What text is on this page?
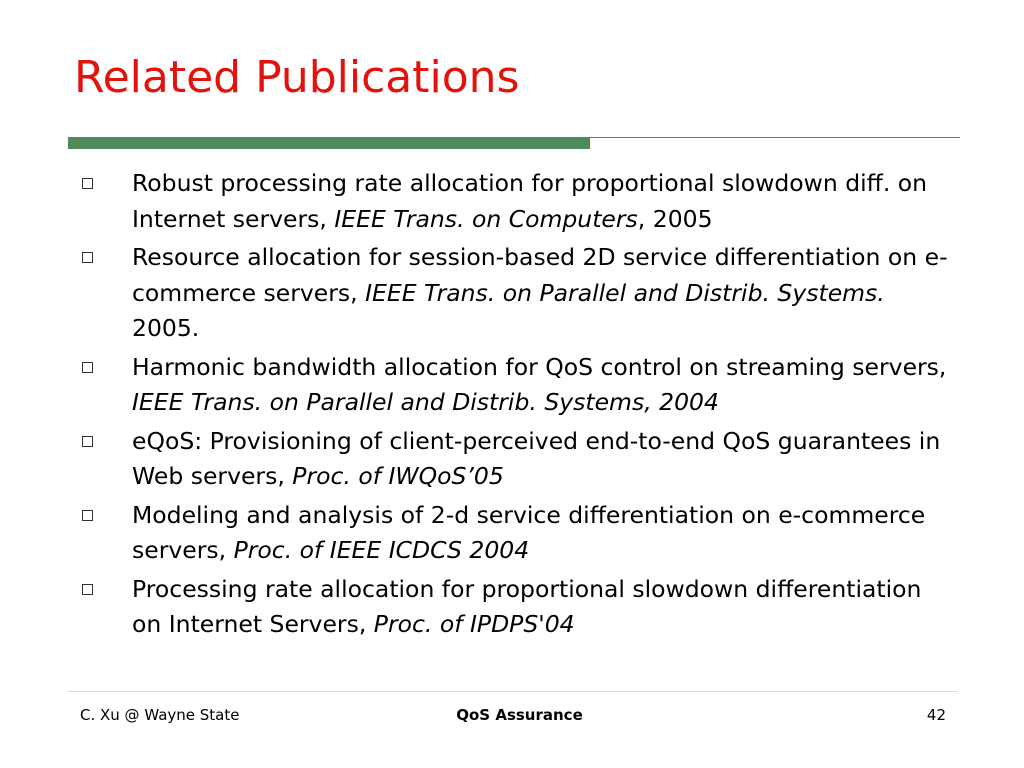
Related Publications
Robust processing rate allocation for proportional slowdown diff. on Internet servers, IEEE Trans. on Computers, 2005
Resource allocation for session-based 2D service differentiation on e-commerce servers, IEEE Trans. on Parallel and Distrib. Systems. 2005.
Harmonic bandwidth allocation for QoS control on streaming servers, IEEE Trans. on Parallel and Distrib. Systems, 2004
eQoS: Provisioning of client-perceived end-to-end QoS guarantees in Web servers, Proc. of IWQoS’05
Modeling and analysis of 2-d service differentiation on e-commerce servers, Proc. of IEEE ICDCS 2004
Processing rate allocation for proportional slowdown differentiation on Internet Servers, Proc. of IPDPS'04
C. Xu @ Wayne State	QoS Assurance	42
